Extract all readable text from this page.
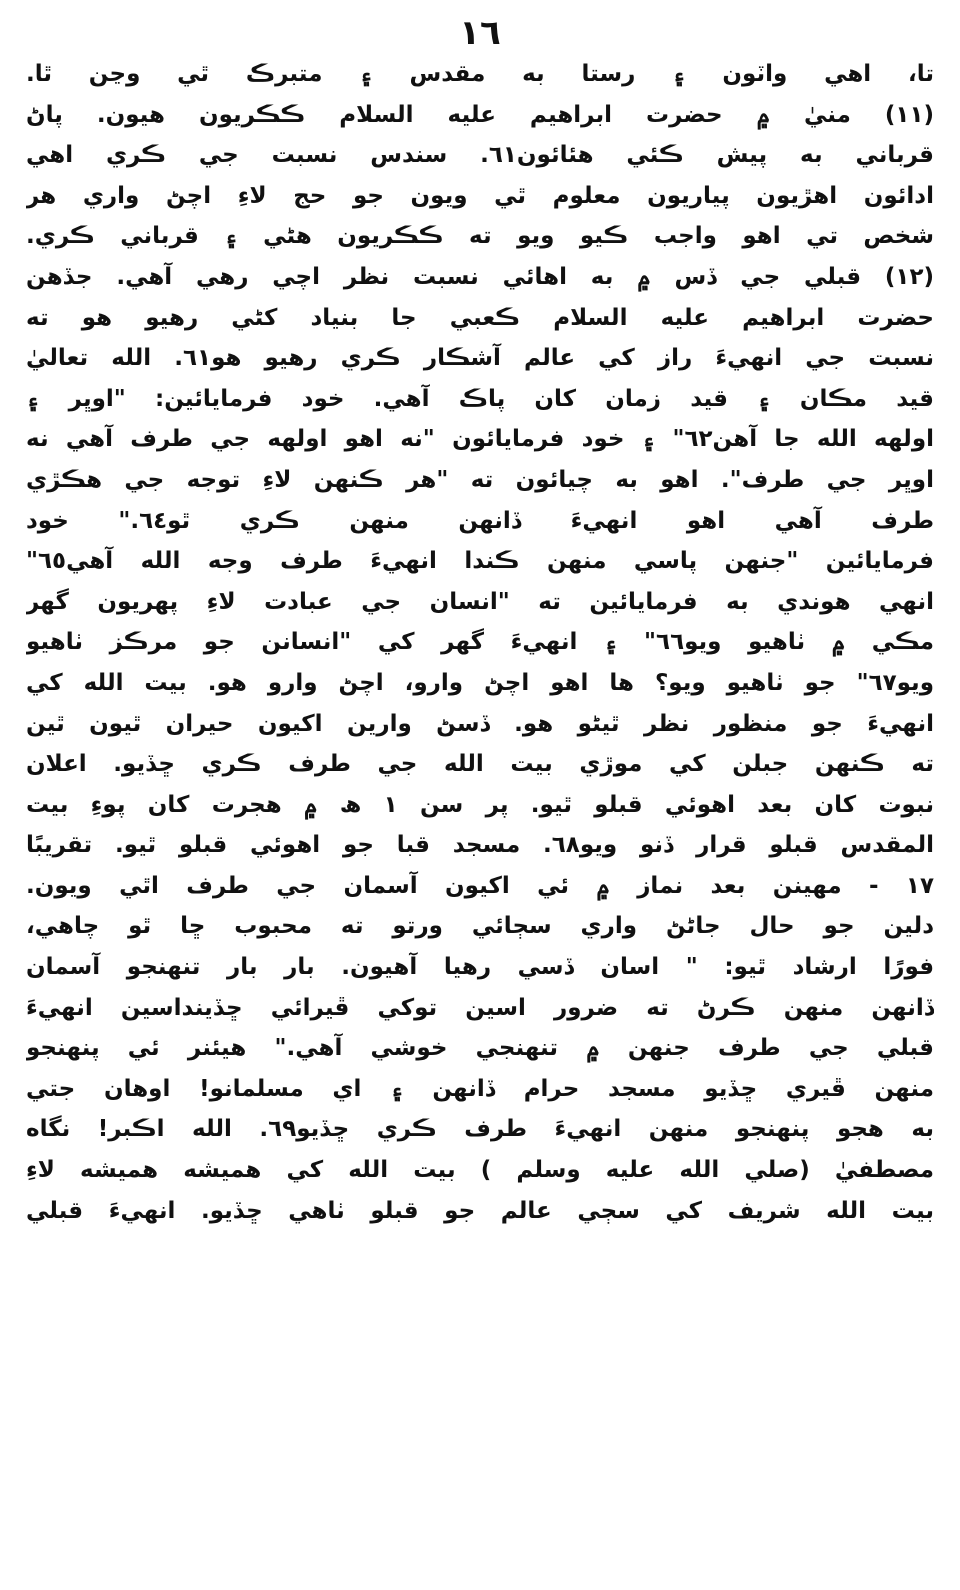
١٦
تا، اهي واٽون ۽ رستا به مقدس ۽ متبرڪ ٿي وڃن ٿا.
(١١) منيٰ ۾ حضرت ابراهيم عليه السلام ڪڪريون هيون. پاڻ
قرباني به پيش ڪئي هئائون٦١. سندس نسبت جي ڪري اهي
ادائون اهڙيون پياريون معلوم ٿي ويون جو حج لاءِ اچڻ واري هر
شخص تي اهو واجب ڪيو ويو ته ڪڪريون هڻي ۽ قرباني ڪري.
(١٢) قبلي جي ڏس ۾ به اهائي نسبت نظر اچي رهي آهي. جڏهن
حضرت ابراهيم عليه السلام ڪعبي جا بنياد کڻي رهيو هو ته
نسبت جي انهيءَ راز کي عالم آشڪار ڪري رهيو هو٦١. الله تعاليٰ
قيد مڪان ۽ قيد زمان کان پاڪ آهي. خود فرمايائين: "اوڀر ۽
اولهه الله جا آهن٦٢" ۽ خود فرمايائون "نه اهو اولهه جي طرف آهي نه
اوڀر جي طرف". اهو به چيائون ته "هر ڪنهن لاءِ توجه جي هڪڙي
طرف آهي اهو انهيءَ ڏانهن منهن ڪري ٿو٦٤." خود
فرمايائين "جنهن پاسي منهن ڪندا انهيءَ طرف وجه الله آهي٦٥"
انهي هوندي به فرمايائين ته "انسان جي عبادت لاءِ پهريون گهر
مڪي ۾ ٺاهيو ويو٦٦" ۽ انهيءَ گهر کي "انسانن جو مرڪز ٺاهيو
ويو٦٧" جو ٺاهيو ويو؟ ها اهو اچڻ وارو، اچڻ وارو هو. بيت الله کي
انهيءَ جو منظور نظر ٿيڻو هو. ڏسڻ وارين اکيون حيران ٿيون ٿين
ته ڪنهن جبلن کي موڙي بيت الله جي طرف ڪري ڇڏيو. اعلان
نبوت کان بعد اهوئي قبلو ٿيو. پر سن ١ ھ ۾ هجرت کان پوءِ بيت
المقدس قبلو قرار ڏنو ويو٦٨. مسجد قبا جو اهوئي قبلو ٿيو. تقريبًا
١٧ - مهينن بعد نماز ۾ ئي اکيون آسمان جي طرف اٿي ويون.
دلين جو حال جاڻڻ واري سڄائي ورتو ته محبوب ڇا ٿو چاهي،
فورًا ارشاد ٿيو: " اسان ڏسي رهيا آهيون. بار بار تنهنجو آسمان
ڏانهن منهن ڪرڻ ته ضرور اسين توکي ڦيرائي ڇڏينداسين انهيءَ
قبلي جي طرف جنهن ۾ تنهنجي خوشي آهي." هيئنر ئي پنهنجو
منهن ڦيري ڇڏيو مسجد حرام ڏانهن ۽ اي مسلمانو! اوهان جتي
به هجو پنهنجو منهن انهيءَ طرف ڪري ڇڏيو٦٩. الله اڪبر! نگاه
مصطفيٰ (صلي الله عليه وسلم ) بيت الله کي هميشه هميشه لاءِ
بيت الله شريف کي سڄي عالم جو قبلو ٺاهي ڇڏيو. انهيءَ قبلي
